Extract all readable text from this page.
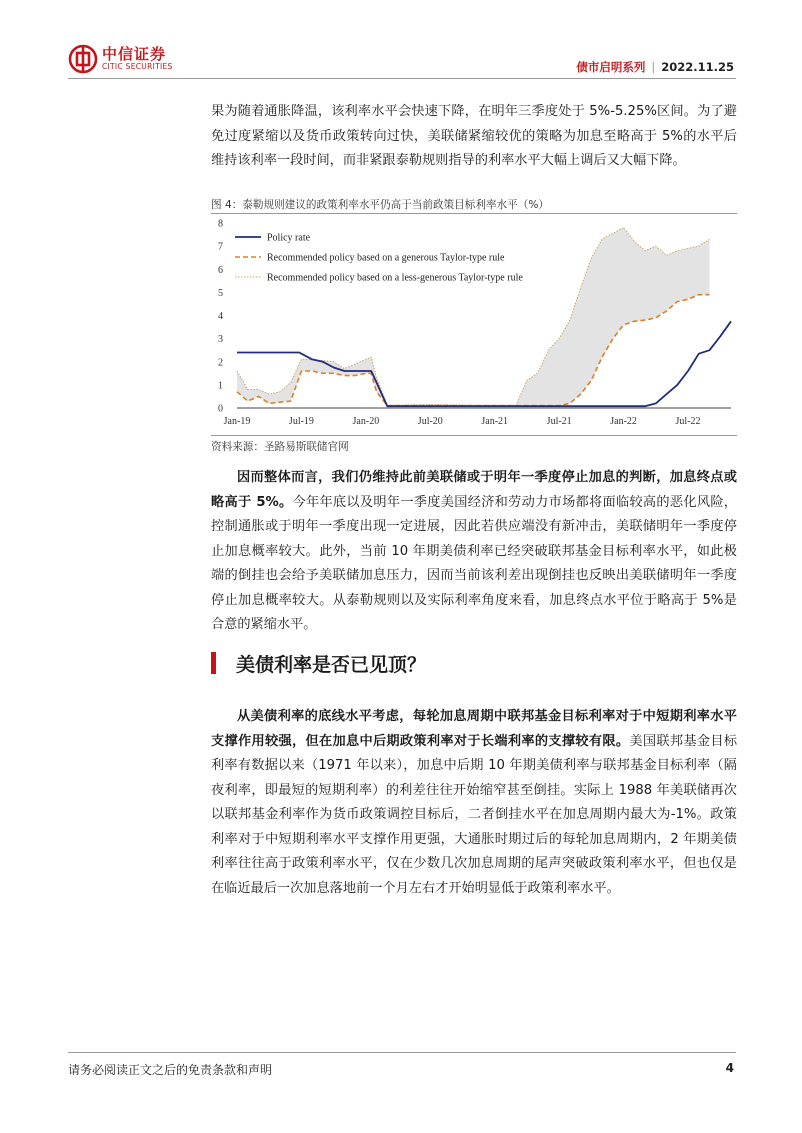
中信证券
CITIC SECURITIES	债市启明系列 | 2022.11.25
果为随着通胀降温，该利率水平会快速下降，在明年三季度处于 5%-5.25%区间。为了避免过度紧缩以及货币政策转向过快，美联储紧缩较优的策略为加息至略高于 5%的水平后维持该利率一段时间，而非紧跟泰勒规则指导的利率水平大幅上调后又大幅下降。
图 4：泰勒规则建议的政策利率水平仍高于当前政策目标利率水平（%）
0
1
2
3
4
5
6
7
8
Jan-19	Jul-19	Jan-20	Jul-20	Jan-21	Jul-21	Jan-22	Jul-22
Policy rate
Recommended policy based on a generous Taylor-type rule
Recommended policy based on a less-generous Taylor-type rule
资料来源：圣路易斯联储官网
因而整体而言，我们仍维持此前美联储或于明年一季度停止加息的判断，加息终点或略高于 5%。今年年底以及明年一季度美国经济和劳动力市场都将面临较高的恶化风险，控制通胀或于明年一季度出现一定进展，因此若供应端没有新冲击，美联储明年一季度停止加息概率较大。此外，当前 10 年期美债利率已经突破联邦基金目标利率水平，如此极端的倒挂也会给予美联储加息压力，因而当前该利差出现倒挂也反映出美联储明年一季度停止加息概率较大。从泰勒规则以及实际利率角度来看，加息终点水平位于略高于 5%是合意的紧缩水平。
美债利率是否已见顶？
从美债利率的底线水平考虑，每轮加息周期中联邦基金目标利率对于中短期利率水平支撑作用较强，但在加息中后期政策利率对于长端利率的支撑较有限。美国联邦基金目标利率有数据以来（1971 年以来），加息中后期 10 年期美债利率与联邦基金目标利率（隔夜利率，即最短的短期利率）的利差往往开始缩窄甚至倒挂。实际上 1988 年美联储再次以联邦基金利率作为货币政策调控目标后，二者倒挂水平在加息周期内最大为-1%。政策利率对于中短期利率水平支撑作用更强，大通胀时期过后的每轮加息周期内，2 年期美债利率往往高于政策利率水平，仅在少数几次加息周期的尾声突破政策利率水平，但也仅是在临近最后一次加息落地前一个月左右才开始明显低于政策利率水平。
请务必阅读正文之后的免责条款和声明	4
